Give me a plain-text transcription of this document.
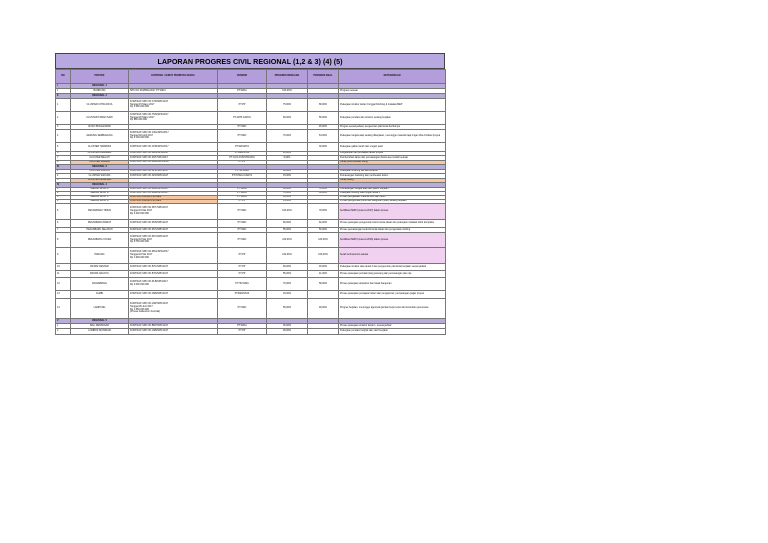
LAPORAN PROGRES CIVIL REGIONAL (1,2 & 3) (4) (5)
NO	PROYEK	KONTRAK / SURAT PERINTAH KERJA	VENDOR	PROGRES RENCANA	PROGRES REAL	KETERANGAN
I	REGIONAL 1					
1	BANDUNG	SPK NO.234/BDG/2017 PT.WIKA	PT.WIKA	100,00%		Progress selesai
II	REGIONAL 2					
1	CLUSTER CITRA RAYA	KONTRAK SPK NO.CTR/SPK/2017
Tanggal 15 Maret 2017
Rp 1.250.000.000	PT.PP	75,00%	68,00%	Pekerjaan struktur lantai 2 tinggal finishing & instalasi MEP
2	CLUSTER TAMAN SARI	KONTRAK SPK NO.TMS/SPK/2017
Tanggal 20 Maret 2017
Rp 980.000.000	PT.ADHI KARYA	60,00%	55,00%	Pekerjaan pondasi dan struktur sedang berjalan
3	RUKO BOULEVARD		PT.NRC		45,00%	Progres sesuai jadwal, pengecoran plat lantai berikutnya
4	GEDUNG SERBAGUNA	KONTRAK SPK NO.GSG/SPK/2017
Tanggal 02 April 2017
Rp 2.100.000.000	PT.NRC	70,00%	64,00%	Pekerjaan rangka atap sedang dikerjakan, menunggu material baja ringan tiba di lokasi proyek
5	CLUSTER HARMONI	KONTRAK SPK NO.CHR/SPK/2017	PT.WASKITA		30,00%	Pekerjaan galian tanah dan urugan pasir
6	CLUSTER ANGGREK	KONTRAK SPK NO.ANG/SPK/2017	PT.BRANTAS	10,00%		Pengukuran dan persiapan lahan proyek
7	CLUSTER MELATI	KONTRAK SPK NO.MLT/SPK/2017	PT.JAYA KONSTRUKSI	9,00%		Pembersihan lahan dan pemasangan direksi keet sudah selesai
8	CLUSTER MAWAR	KONTRAK SPK NO.MWR/SPK/2017	PT.PP			Tahap perencanaan ulang
III	REGIONAL 3					
1	CLUSTER DAHLIA	KONTRAK SPK NO.DHL/SPK/2017	PT.HUTAMA	88,00%		Pekerjaan finishing cat dan keramik
2	CLUSTER SAKURA	KONTRAK SPK NO.SKR/SPK/2017	PT.ISTAKA KARYA	15,00%		Pemasangan bekisting dan pembesian kolom
3	CLUSTER KENANGA					Tahap lelang
IV	REGIONAL 4					
1	MEDAN BLOK A	KONTRAK SPK NO.MDA/SPK/2017	PT.WIKA	85,00%	78,00%	Pemasangan rangka atap dan plafon berjalan
2	MEDAN BLOK B	KONTRAK SPK NO.MDB/SPK/2017	PT.WIKA	70,00%	66,00%	Pekerjaan dinding bata ringan lantai 2
3	MEDAN BLOK C	KONTRAK DALAM PROSES	PT.WIKA	40,00%		Proses pengadaan material besi dan beton
4	MEDAN BLOK D	KONTRAK DALAM PROSES	PT.PP	15,00%		Proses pengurusan perizinan bangunan (IMB) sedang berjalan
5	PEKANBARU TIMUR	KONTRAK SPK NO.PKT/SPK/2017
Tanggal 10 Mei 2017
Rp 3.400.000.000	PT.NRC	100,00%	78,00%	Sertifikasi SMK3 (Lisensi 2017) dalam proses
6	PEKANBARU BARAT	KONTRAK SPK NO.PKB/SPK/2017	PT.NRC	66,00%	62,00%	Proses pekerjaan pengecoran kolom lantai dasar dan pekerjaan instalasi listrik kompleks
7	PEKANBARU SELATAN	KONTRAK SPK NO.PKS/SPK/2017	PT.NRC	55,00%	50,00%	Proses pemasangan keramik lantai dasar dan pengecatan dinding
8	PEKANBARU UTARA	KONTRAK SPK NO.PKU/SPK/2017
Tanggal 18 Mei 2017
Rp 2.750.000.000	PT.NRC	100,00%	100,00%	Sertifikasi SMK3 (Lisensi 2016) dalam proses
9	PADANG	KONTRAK SPK NO.PDG/SPK/2017
Tanggal 22 Mei 2017
Rp 1.900.000.000	PT.PP	100,00%	100,00%	Serah terima kunci selesai
10	BATAM CENTER	KONTRAK SPK NO.BTC/SPK/2017	PT.PP	60,00%	45,00%	Pekerjaan struktur atas lantai 3 dan pengecoran plat lantai berjalan sesuai jadwal
11	BATAM NAGOYA	KONTRAK SPK NO.BTN/SPK/2017	PT.PP	55,00%	41,00%	Proses pekerjaan pondasi tiang pancang dan pemasangan pile cap
12	PALEMBANG	KONTRAK SPK NO.PLB/SPK/2017
Rp 2.000.000.000	PT.HUTAMA	70,00%	58,00%	Proses pekerjaan arsitektur dan fasad bangunan
13	JAMBI	KONTRAK SPK NO.JMB/SPK/2017	PT.BRANTAS	15,00%		Proses pekerjaan persiapan lahan dan pengukuran, pemasangan pagar proyek
14	LAMPUNG	KONTRAK SPK NO.LMP/SPK/2017
Tanggal 05 Juni 2017
Rp 1.650.000.000
(Proses Addendum Kontrak)	PT.NRC	56,00%	48,00%	Progres berjalan, menunggu approval gambar kerja revisi dari konsultan perencana
V	REGIONAL 5					
1	BALI DENPASAR	KONTRAK SPK NO.BDP/SPK/2017	PT.WIKA	36,00%		Proses pekerjaan struktur lantai 1, sesuai jadwal
2	LOMBOK MATARAM	KONTRAK SPK NO.LMB/SPK/2017	PT.PP	28,00%		Pekerjaan pondasi footplat dan sloof berjalan
